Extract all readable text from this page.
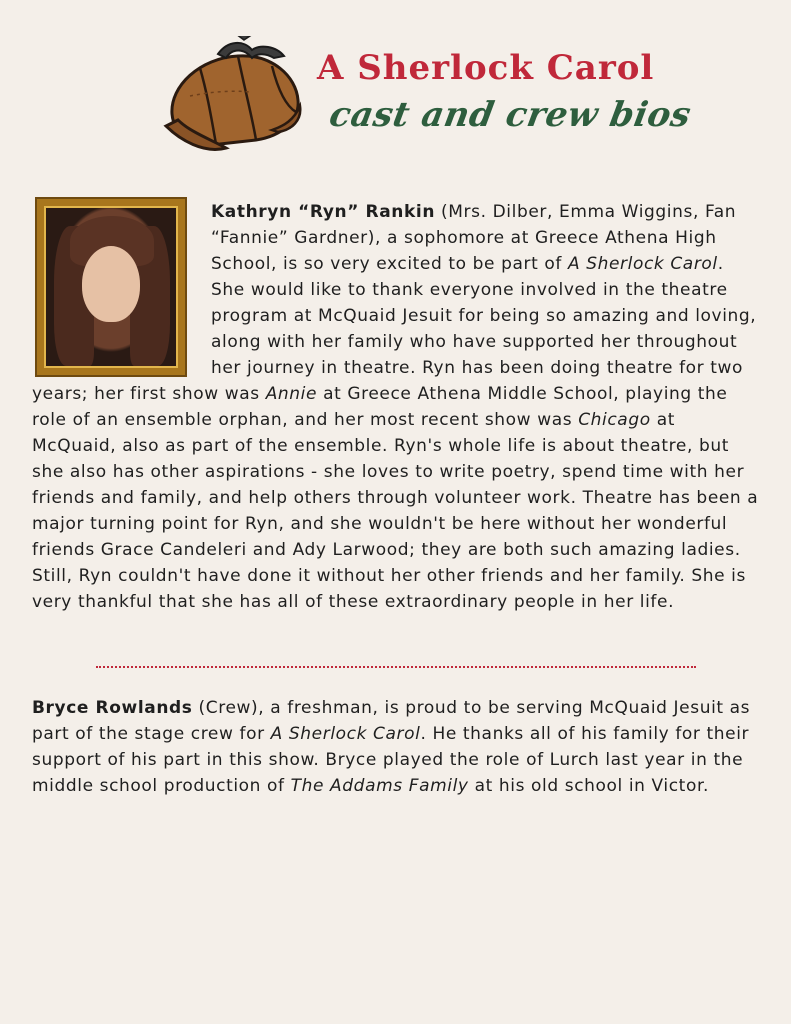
A Sherlock Carol
cast and crew bios
Kathryn “Ryn” Rankin (Mrs. Dilber, Emma Wiggins, Fan “Fannie” Gardner), a sophomore at Greece Athena High School, is so very excited to be part of A Sherlock Carol. She would like to thank everyone involved in the theatre program at McQuaid Jesuit for being so amazing and loving, along with her family who have supported her throughout her journey in theatre. Ryn has been doing theatre for two years; her first show was Annie at Greece Athena Middle School, playing the role of an ensemble orphan, and her most recent show was Chicago at McQuaid, also as part of the ensemble. Ryn's whole life is about theatre, but she also has other aspirations - she loves to write poetry, spend time with her friends and family, and help others through volunteer work. Theatre has been a major turning point for Ryn, and she wouldn't be here without her wonderful friends Grace Candeleri and Ady Larwood; they are both such amazing ladies. Still, Ryn couldn't have done it without her other friends and her family. She is very thankful that she has all of these extraordinary people in her life.
Bryce Rowlands (Crew), a freshman, is proud to be serving McQuaid Jesuit as part of the stage crew for A Sherlock Carol. He thanks all of his family for their support of his part in this show. Bryce played the role of Lurch last year in the middle school production of The Addams Family at his old school in Victor.
